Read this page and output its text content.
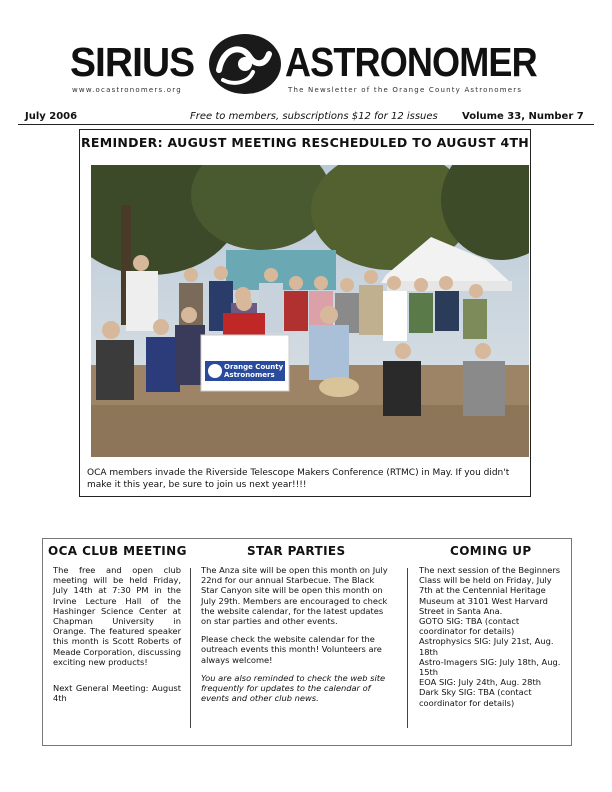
SIRIUS ASTRONOMER
www.ocastronomers.org	The Newsletter of the Orange County Astronomers
July 2006	Free to members, subscriptions $12 for 12 issues Volume 33, Number 7
REMINDER: AUGUST MEETING RESCHEDULED TO AUGUST 4TH
Orange County
Astronomers
http://www.ocastronomers.org
OCA members invade the Riverside Telescope Makers Conference (RTMC) in May. If you didn't make it this year, be sure to join us next year!!!!
OCA CLUB MEETING

The free and open club meeting will be held Friday, July 14th at 7:30 PM in the Irvine Lecture Hall of the Hashinger Science Center at Chapman University in Orange. The featured speaker this month is Scott Roberts of Meade Corporation, discussing exciting new products!

Next General Meeting: August 4th

STAR PARTIES

The Anza site will be open this month on July 22nd for our annual Starbecue. The Black Star Canyon site will be open this month on July 29th. Members are encouraged to check the website calendar, for the latest updates on star parties and other events.

Please check the website calendar for the outreach events this month! Volunteers are always welcome!

You are also reminded to check the web site frequently for updates to the calendar of events and other club news.

COMING UP
The next session of the Beginners Class will be held on Friday, July 7th at the Centennial Heritage Museum at 3101 West Harvard Street in Santa Ana.
GOTO SIG: TBA (contact coordinator for details)
Astrophysics SIG: July 21st, Aug. 18th
Astro-Imagers SIG: July 18th, Aug. 15th
EOA SIG: July 24th, Aug. 28th
Dark Sky SIG: TBA (contact coordinator for details)
